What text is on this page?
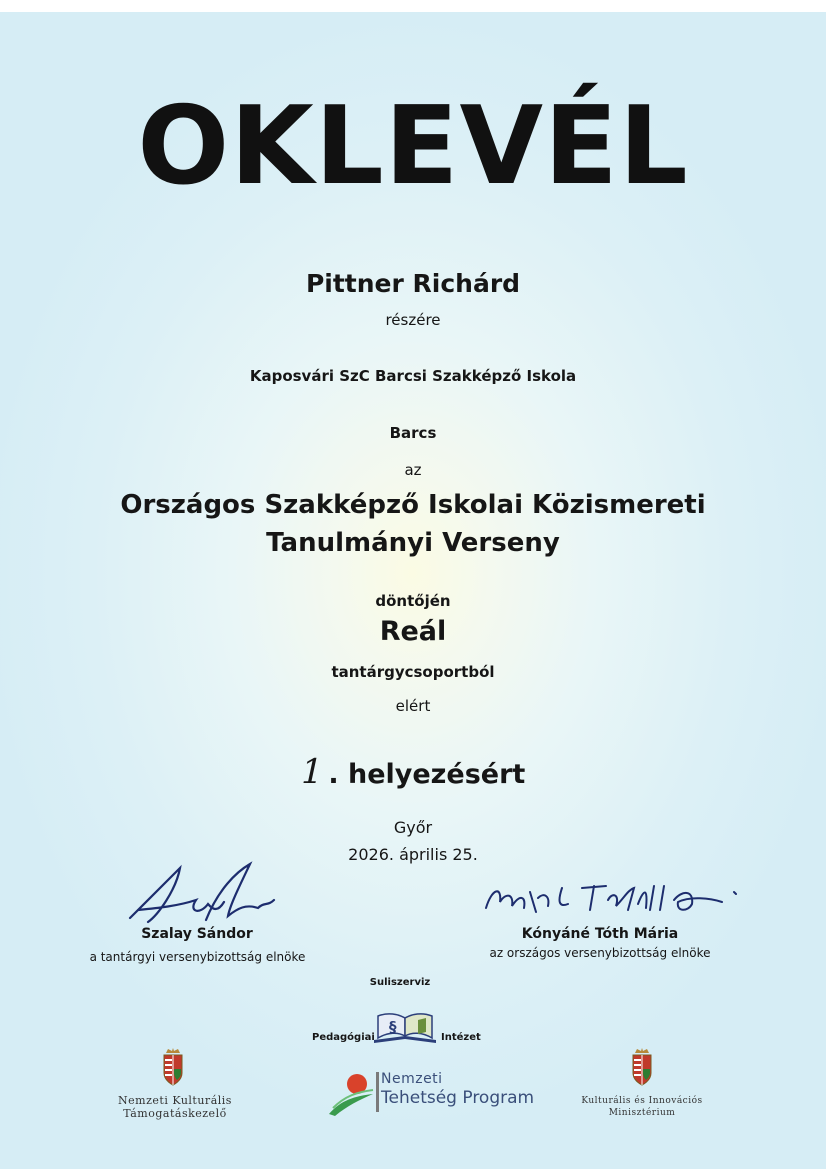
OKLEVÉL
Pittner Richárd
részére
Kaposvári SzC Barcsi Szakképző Iskola
Barcs
az
Országos Szakképző Iskolai Közismereti
Tanulmányi Verseny
döntőjén
Reál
tantárgycsoportból
elért
1. helyezésért
Győr
2026. április 25.
Szalay Sándor
a tantárgyi versenybizottság elnöke
Kónyáné Tóth Mária
az országos versenybizottság elnöke
Suliszerviz
§
Pedagógiai	Intézet
Nemzeti Kulturális
Támogatáskezelő
Nemzeti
Tehetség Program	Kulturális és Innovációs
Minisztérium
